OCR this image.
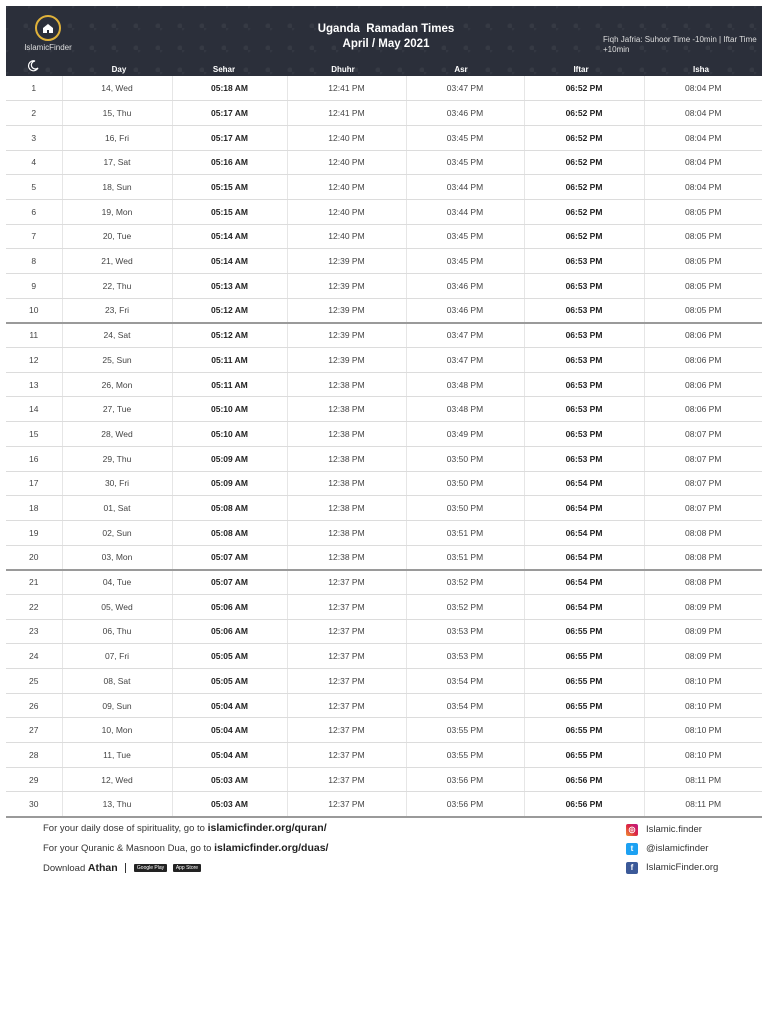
IslamicFinder
Uganda  Ramadan Times
April / May 2021	Fiqh Jafria: Suhoor Time -10min | Iftar Time +10min
Day	Sehar	Dhuhr	Asr	Iftar	Isha
1	14, Wed	05:18 AM	12:41 PM	03:47 PM	06:52 PM	08:04 PM
2	15, Thu	05:17 AM	12:41 PM	03:46 PM	06:52 PM	08:04 PM
3	16, Fri	05:17 AM	12:40 PM	03:45 PM	06:52 PM	08:04 PM
4	17, Sat	05:16 AM	12:40 PM	03:45 PM	06:52 PM	08:04 PM
5	18, Sun	05:15 AM	12:40 PM	03:44 PM	06:52 PM	08:04 PM
6	19, Mon	05:15 AM	12:40 PM	03:44 PM	06:52 PM	08:05 PM
7	20, Tue	05:14 AM	12:40 PM	03:45 PM	06:52 PM	08:05 PM
8	21, Wed	05:14 AM	12:39 PM	03:45 PM	06:53 PM	08:05 PM
9	22, Thu	05:13 AM	12:39 PM	03:46 PM	06:53 PM	08:05 PM
10	23, Fri	05:12 AM	12:39 PM	03:46 PM	06:53 PM	08:05 PM
11	24, Sat	05:12 AM	12:39 PM	03:47 PM	06:53 PM	08:06 PM
12	25, Sun	05:11 AM	12:39 PM	03:47 PM	06:53 PM	08:06 PM
13	26, Mon	05:11 AM	12:38 PM	03:48 PM	06:53 PM	08:06 PM
14	27, Tue	05:10 AM	12:38 PM	03:48 PM	06:53 PM	08:06 PM
15	28, Wed	05:10 AM	12:38 PM	03:49 PM	06:53 PM	08:07 PM
16	29, Thu	05:09 AM	12:38 PM	03:50 PM	06:53 PM	08:07 PM
17	30, Fri	05:09 AM	12:38 PM	03:50 PM	06:54 PM	08:07 PM
18	01, Sat	05:08 AM	12:38 PM	03:50 PM	06:54 PM	08:07 PM
19	02, Sun	05:08 AM	12:38 PM	03:51 PM	06:54 PM	08:08 PM
20	03, Mon	05:07 AM	12:38 PM	03:51 PM	06:54 PM	08:08 PM
21	04, Tue	05:07 AM	12:37 PM	03:52 PM	06:54 PM	08:08 PM
22	05, Wed	05:06 AM	12:37 PM	03:52 PM	06:54 PM	08:09 PM
23	06, Thu	05:06 AM	12:37 PM	03:53 PM	06:55 PM	08:09 PM
24	07, Fri	05:05 AM	12:37 PM	03:53 PM	06:55 PM	08:09 PM
25	08, Sat	05:05 AM	12:37 PM	03:54 PM	06:55 PM	08:10 PM
26	09, Sun	05:04 AM	12:37 PM	03:54 PM	06:55 PM	08:10 PM
27	10, Mon	05:04 AM	12:37 PM	03:55 PM	06:55 PM	08:10 PM
28	11, Tue	05:04 AM	12:37 PM	03:55 PM	06:55 PM	08:10 PM
29	12, Wed	05:03 AM	12:37 PM	03:56 PM	06:56 PM	08:11 PM
30	13, Thu	05:03 AM	12:37 PM	03:56 PM	06:56 PM	08:11 PM
For your daily dose of spirituality, go to islamicfinder.org/quran/
For your Quranic & Masnoon Dua, go to islamicfinder.org/duas/
Download Athan	Google Play App Store
◎ Islamic.finder
t	@islamicfinder
f	IslamicFinder.org
